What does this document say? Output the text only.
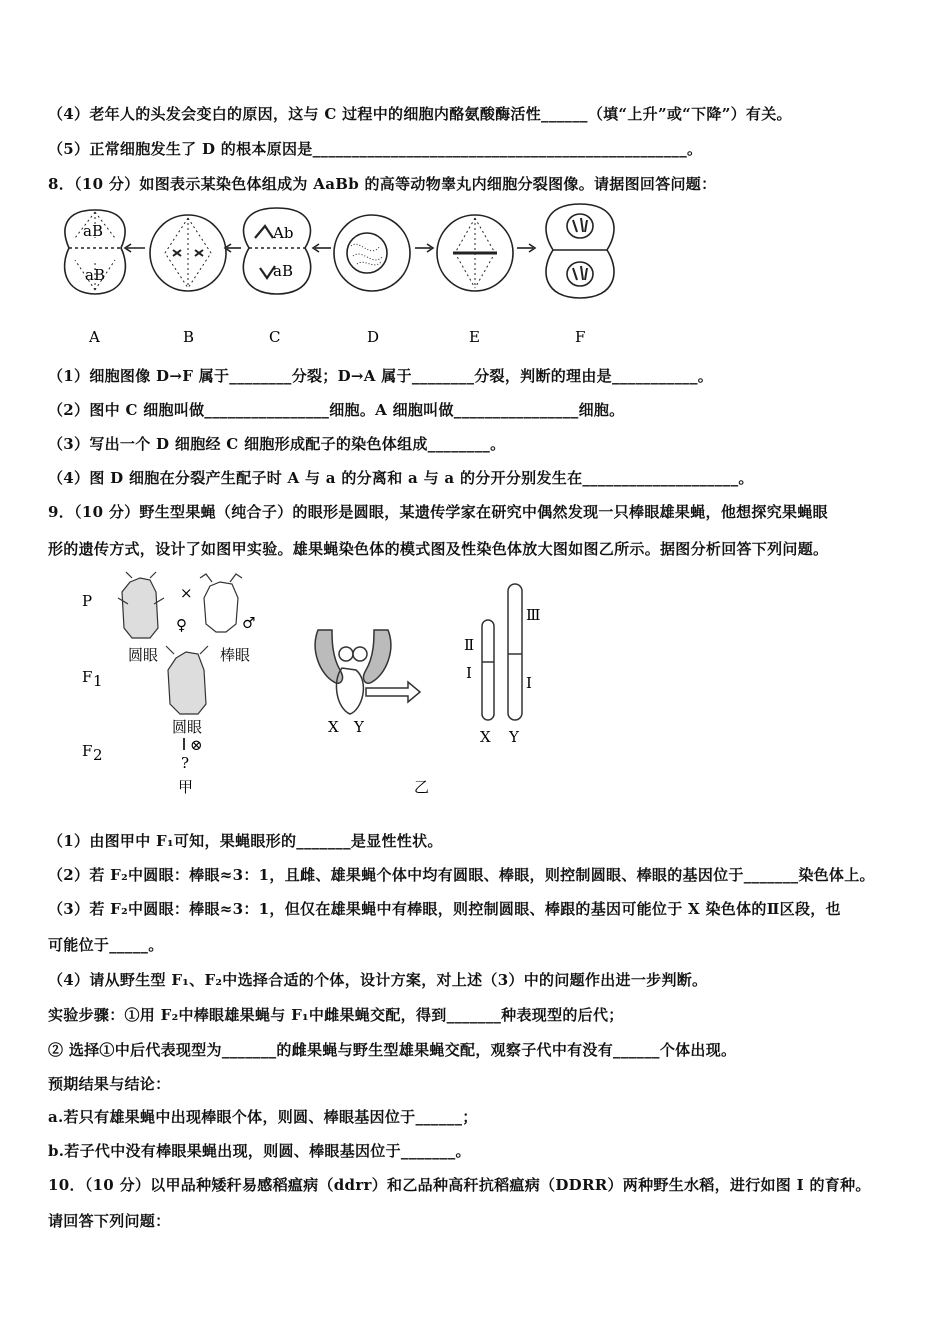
（4）老年人的头发会变白的原因，这与 C 过程中的细胞内酪氨酸酶活性______（填“上升”或“下降”）有关。
（5）正常细胞发生了 D 的根本原因是________________________________________________。
8．（10 分）如图表示某染色体组成为 AaBb 的高等动物睾丸内细胞分裂图像。请据图回答问题：
aB
aB
Ab
aB
A	B	C	D	E	F
（1）细胞图像 D→F 属于________分裂；D→A 属于________分裂，判断的理由是___________。
（2）图中 C 细胞叫做________________细胞。A 细胞叫做________________细胞。
（3）写出一个 D 细胞经 C 细胞形成配子的染色体组成________。
（4）图 D 细胞在分裂产生配子时 A 与 a 的分离和 a 与 a 的分开分别发生在____________________。
9．（10 分）野生型果蝇（纯合子）的眼形是圆眼，某遗传学家在研究中偶然发现一只棒眼雄果蝇，他想探究果蝇眼
形的遗传方式，设计了如图甲实验。雄果蝇染色体的模式图及性染色体放大图如图乙所示。据图分析回答下列问题。
P
F 1
F 2
×
♀	♂
圆眼	棒眼
圆眼
⊗
?
甲
X Y
Ⅱ
Ⅰ
Ⅲ
Ⅰ
X Y
乙
（1）由图甲中 F₁可知，果蝇眼形的_______是显性性状。
（2）若 F₂中圆眼：棒眼≈3：1，且雌、雄果蝇个体中均有圆眼、棒眼，则控制圆眼、棒眼的基因位于_______染色体上。
（3）若 F₂中圆眼：棒眼≈3：1，但仅在雄果蝇中有棒眼，则控制圆眼、棒跟的基因可能位于 X 染色体的Ⅱ区段，也
可能位于_____。
（4）请从野生型 F₁、F₂中选择合适的个体，设计方案，对上述（3）中的问题作出进一步判断。
实验步骤：①用 F₂中棒眼雄果蝇与 F₁中雌果蝇交配，得到_______种表现型的后代；
② 选择①中后代表现型为_______的雌果蝇与野生型雄果蝇交配，观察子代中有没有______个体出现。
预期结果与结论：
a.若只有雄果蝇中出现棒眼个体，则圆、棒眼基因位于______；
b.若子代中没有棒眼果蝇出现，则圆、棒眼基因位于_______。
10．（10 分）以甲品种矮秆易感稻瘟病（ddrr）和乙品种高秆抗稻瘟病（DDRR）两种野生水稻，进行如图 I 的育种。
请回答下列问题：
